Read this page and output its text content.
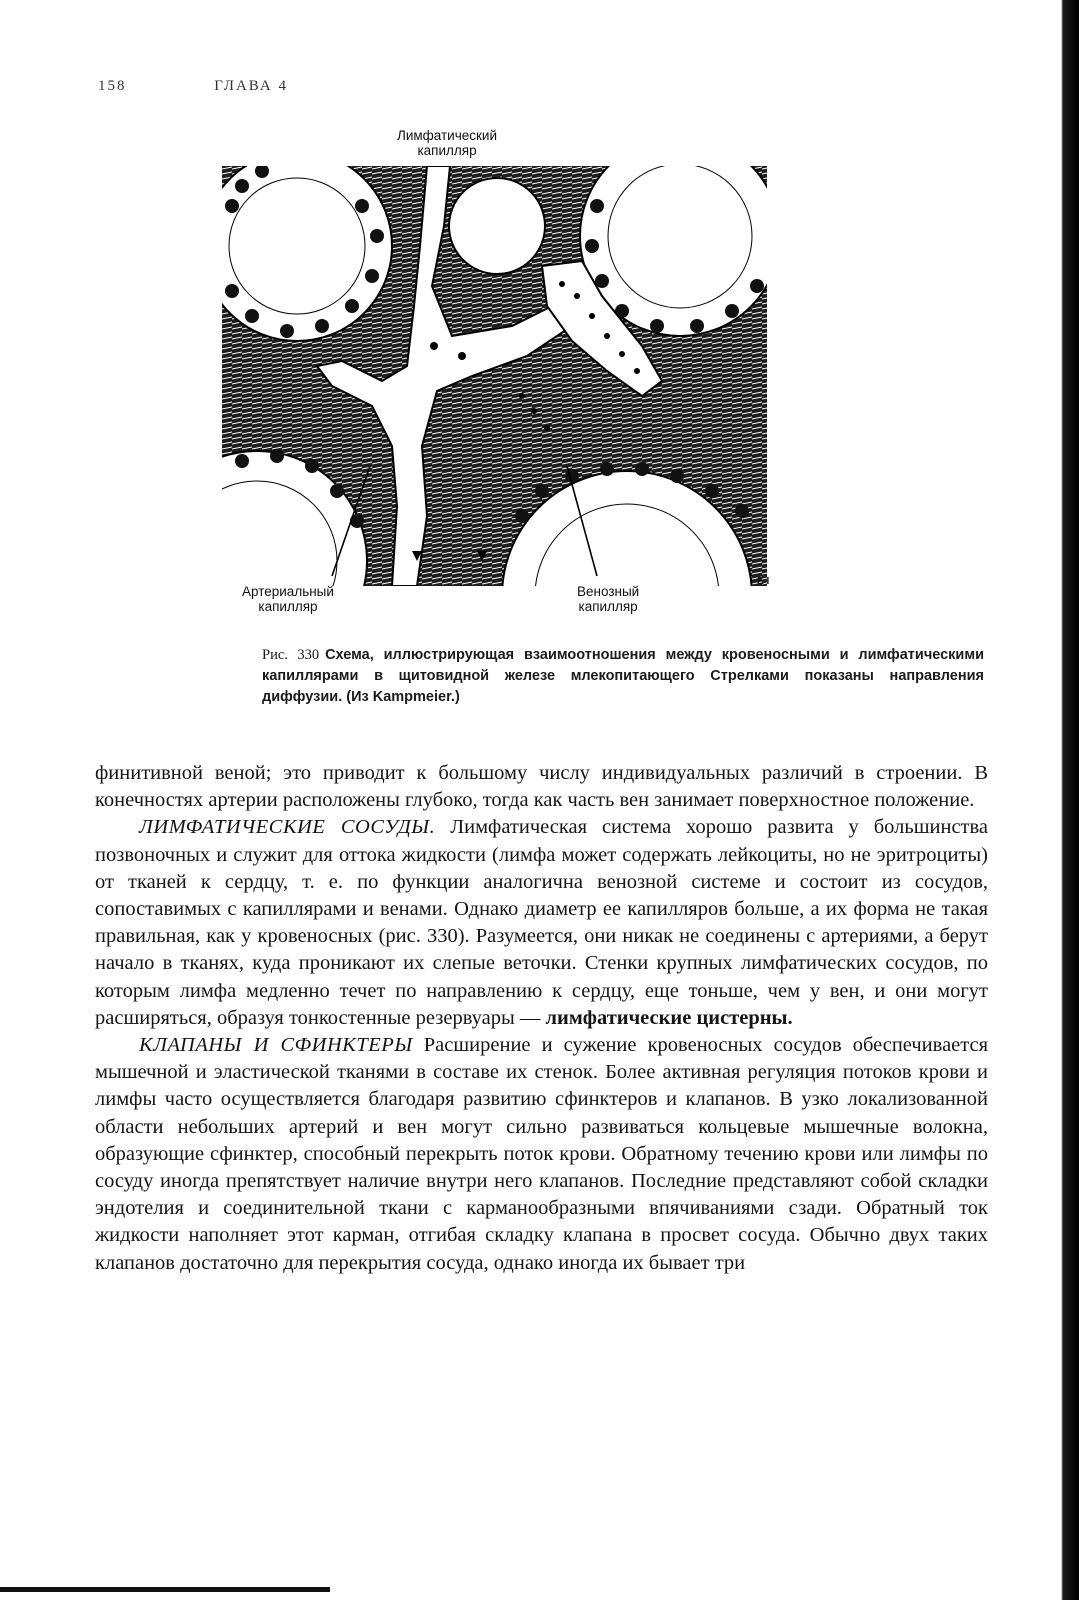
158	ГЛАВА 4
Лимфатический
капилляр
Артериальный
капилляр
Венозный
капилляр
E I
Рис. 330 Схема, иллюстрирующая взаимоотношения между кровеносными и лимфатическими капиллярами в щитовидной железе млекопитающего Стрелками показаны направления диффузии. (Из Kampmeier.)

финитивной веной; это приводит к большому числу индивидуальных различий в строении. В конечностях артерии расположены глубоко, тогда как часть вен занимает поверхностное положение.

ЛИМФАТИЧЕСКИЕ СОСУДЫ. Лимфатическая система хорошо развита у большинства позвоночных и служит для оттока жидкости (лимфа может содержать лейкоциты, но не эритроциты) от тканей к сердцу, т. е. по функции аналогична венозной системе и состоит из сосудов, сопоставимых с капиллярами и венами. Однако диаметр ее капилляров больше, а их форма не такая правильная, как у кровеносных (рис. 330). Разумеется, они никак не соединены с артериями, а берут начало в тканях, куда проникают их слепые веточки. Стенки крупных лимфатических сосудов, по которым лимфа медленно течет по направлению к сердцу, еще тоньше, чем у вен, и они могут расширяться, образуя тонкостенные резервуары — лимфатические цистерны.

КЛАПАНЫ И СФИНКТЕРЫ Расширение и сужение кровеносных сосудов обеспечивается мышечной и эластической тканями в составе их стенок. Более активная регуляция потоков крови и лимфы часто осуществляется благодаря развитию сфинктеров и клапанов. В узко локализованной области небольших артерий и вен могут сильно развиваться кольцевые мышечные волокна, образующие сфинктер, способный перекрыть поток крови. Обратному течению крови или лимфы по сосуду иногда препятствует наличие внутри него клапанов. Последние представляют собой складки эндотелия и соединительной ткани с карманообразными впячиваниями сзади. Обратный ток жидкости наполняет этот карман, отгибая складку клапана в просвет сосуда. Обычно двух таких клапанов достаточно для перекрытия сосуда, однако иногда их бывает три
